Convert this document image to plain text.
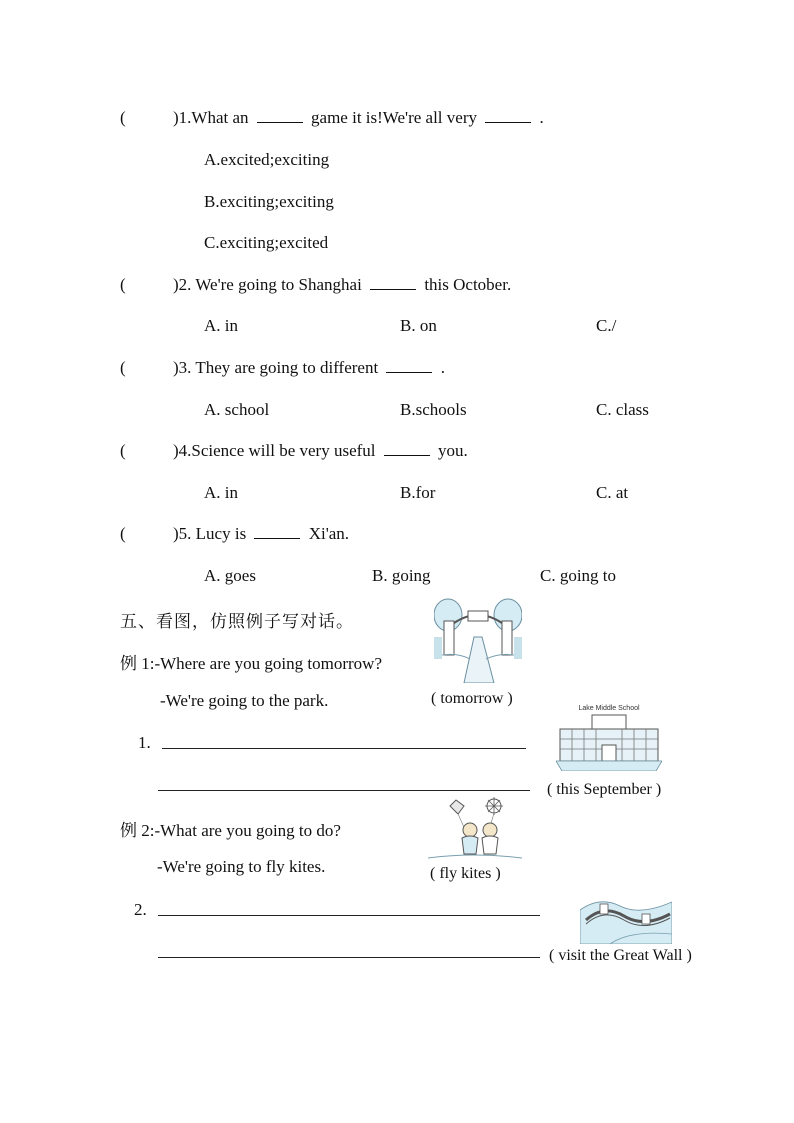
(	)1.What an	game it is!We're all very	.
A.excited;exciting
B.exciting;exciting
C.exciting;excited
(	)2. We're going to Shanghai	this October.
A. in	B. on	C./
(	)3. They are going to different	.
A. school	B.schools	C. class
(	)4.Science will be very useful	you.
A. in	B.for	C. at
(	)5. Lucy is	Xi'an.
A. goes	B. going	C. going to
五、看图，仿照例子写对话。
例 1:-Where are you going tomorrow?
-We're going to the park.	( tomorrow )
1.
Lake Middle School
( this September )
例 2:-What are you going to do?
-We're going to fly kites.	( fly kites )
2.
( visit the Great Wall )
